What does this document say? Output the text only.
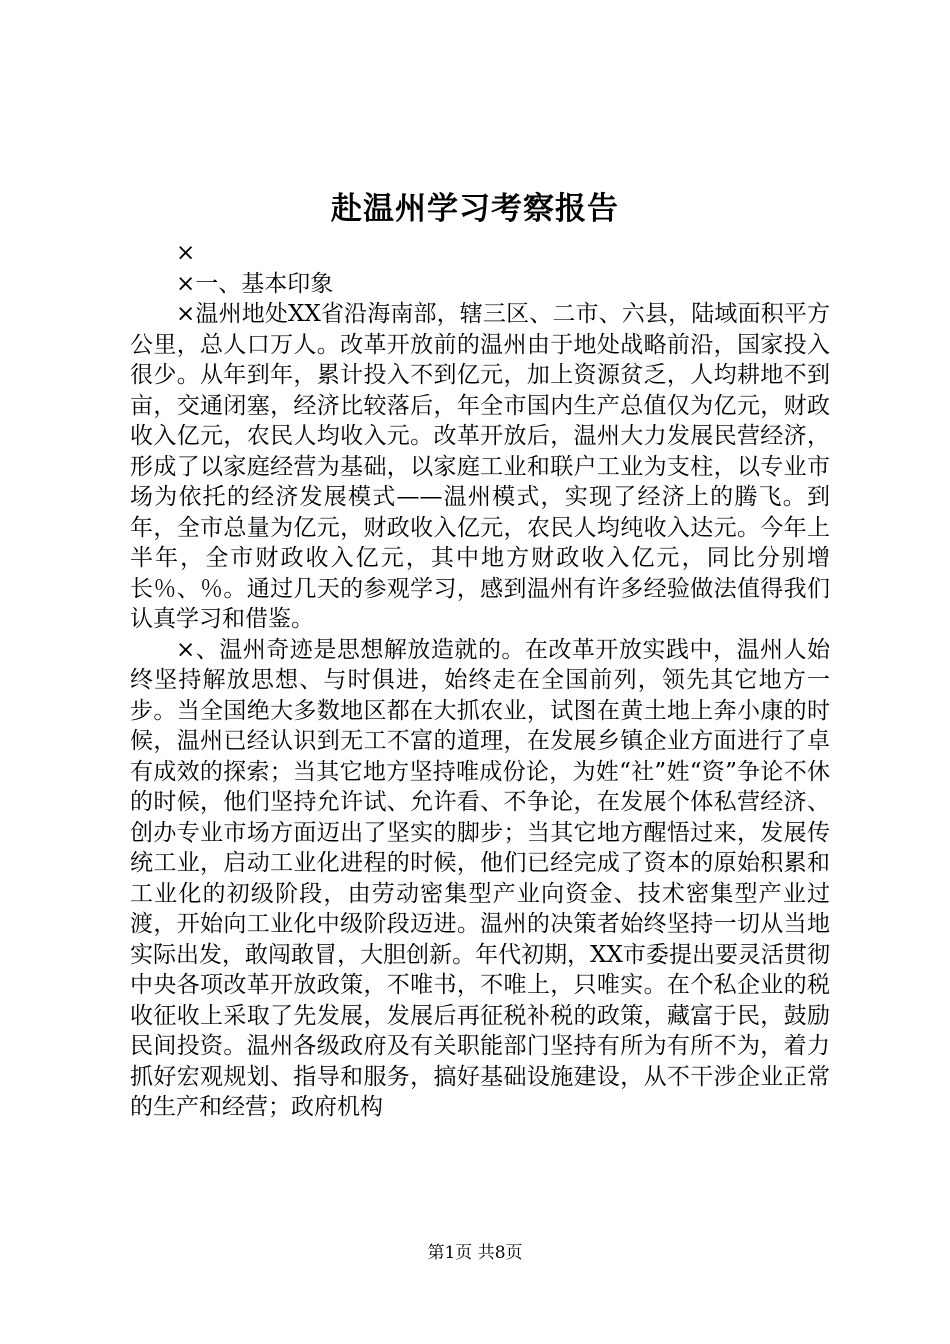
赴温州学习考察报告

×

×一、基本印象

×温州地处XX省沿海南部，辖三区、二市、六县，陆域面积平方公里，总人口万人。改革开放前的温州由于地处战略前沿，国家投入很少。从年到年，累计投入不到亿元，加上资源贫乏，人均耕地不到亩，交通闭塞，经济比较落后，年全市国内生产总值仅为亿元，财政收入亿元，农民人均收入元。改革开放后，温州大力发展民营经济，形成了以家庭经营为基础，以家庭工业和联户工业为支柱，以专业市场为依托的经济发展模式——温州模式，实现了经济上的腾飞。到年，全市总量为亿元，财政收入亿元，农民人均纯收入达元。今年上半年，全市财政收入亿元，其中地方财政收入亿元，同比分别增长％、％。通过几天的参观学习，感到温州有许多经验做法值得我们认真学习和借鉴。

×、温州奇迹是思想解放造就的。在改革开放实践中，温州人始终坚持解放思想、与时俱进，始终走在全国前列，领先其它地方一步。当全国绝大多数地区都在大抓农业，试图在黄土地上奔小康的时候，温州已经认识到无工不富的道理，在发展乡镇企业方面进行了卓有成效的探索；当其它地方坚持唯成份论，为姓“社”姓“资”争论不休的时候，他们坚持允许试、允许看、不争论，在发展个体私营经济、创办专业市场方面迈出了坚实的脚步；当其它地方醒悟过来，发展传统工业，启动工业化进程的时候，他们已经完成了资本的原始积累和工业化的初级阶段，由劳动密集型产业向资金、技术密集型产业过渡，开始向工业化中级阶段迈进。温州的决策者始终坚持一切从当地实际出发，敢闯敢冒，大胆创新。年代初期，XX市委提出要灵活贯彻中央各项改革开放政策，不唯书，不唯上，只唯实。在个私企业的税收征收上采取了先发展，发展后再征税补税的政策，藏富于民，鼓励民间投资。温州各级政府及有关职能部门坚持有所为有所不为，着力抓好宏观规划、指导和服务，搞好基础设施建设，从不干涉企业正常的生产和经营；政府机构

第1页 共8页
